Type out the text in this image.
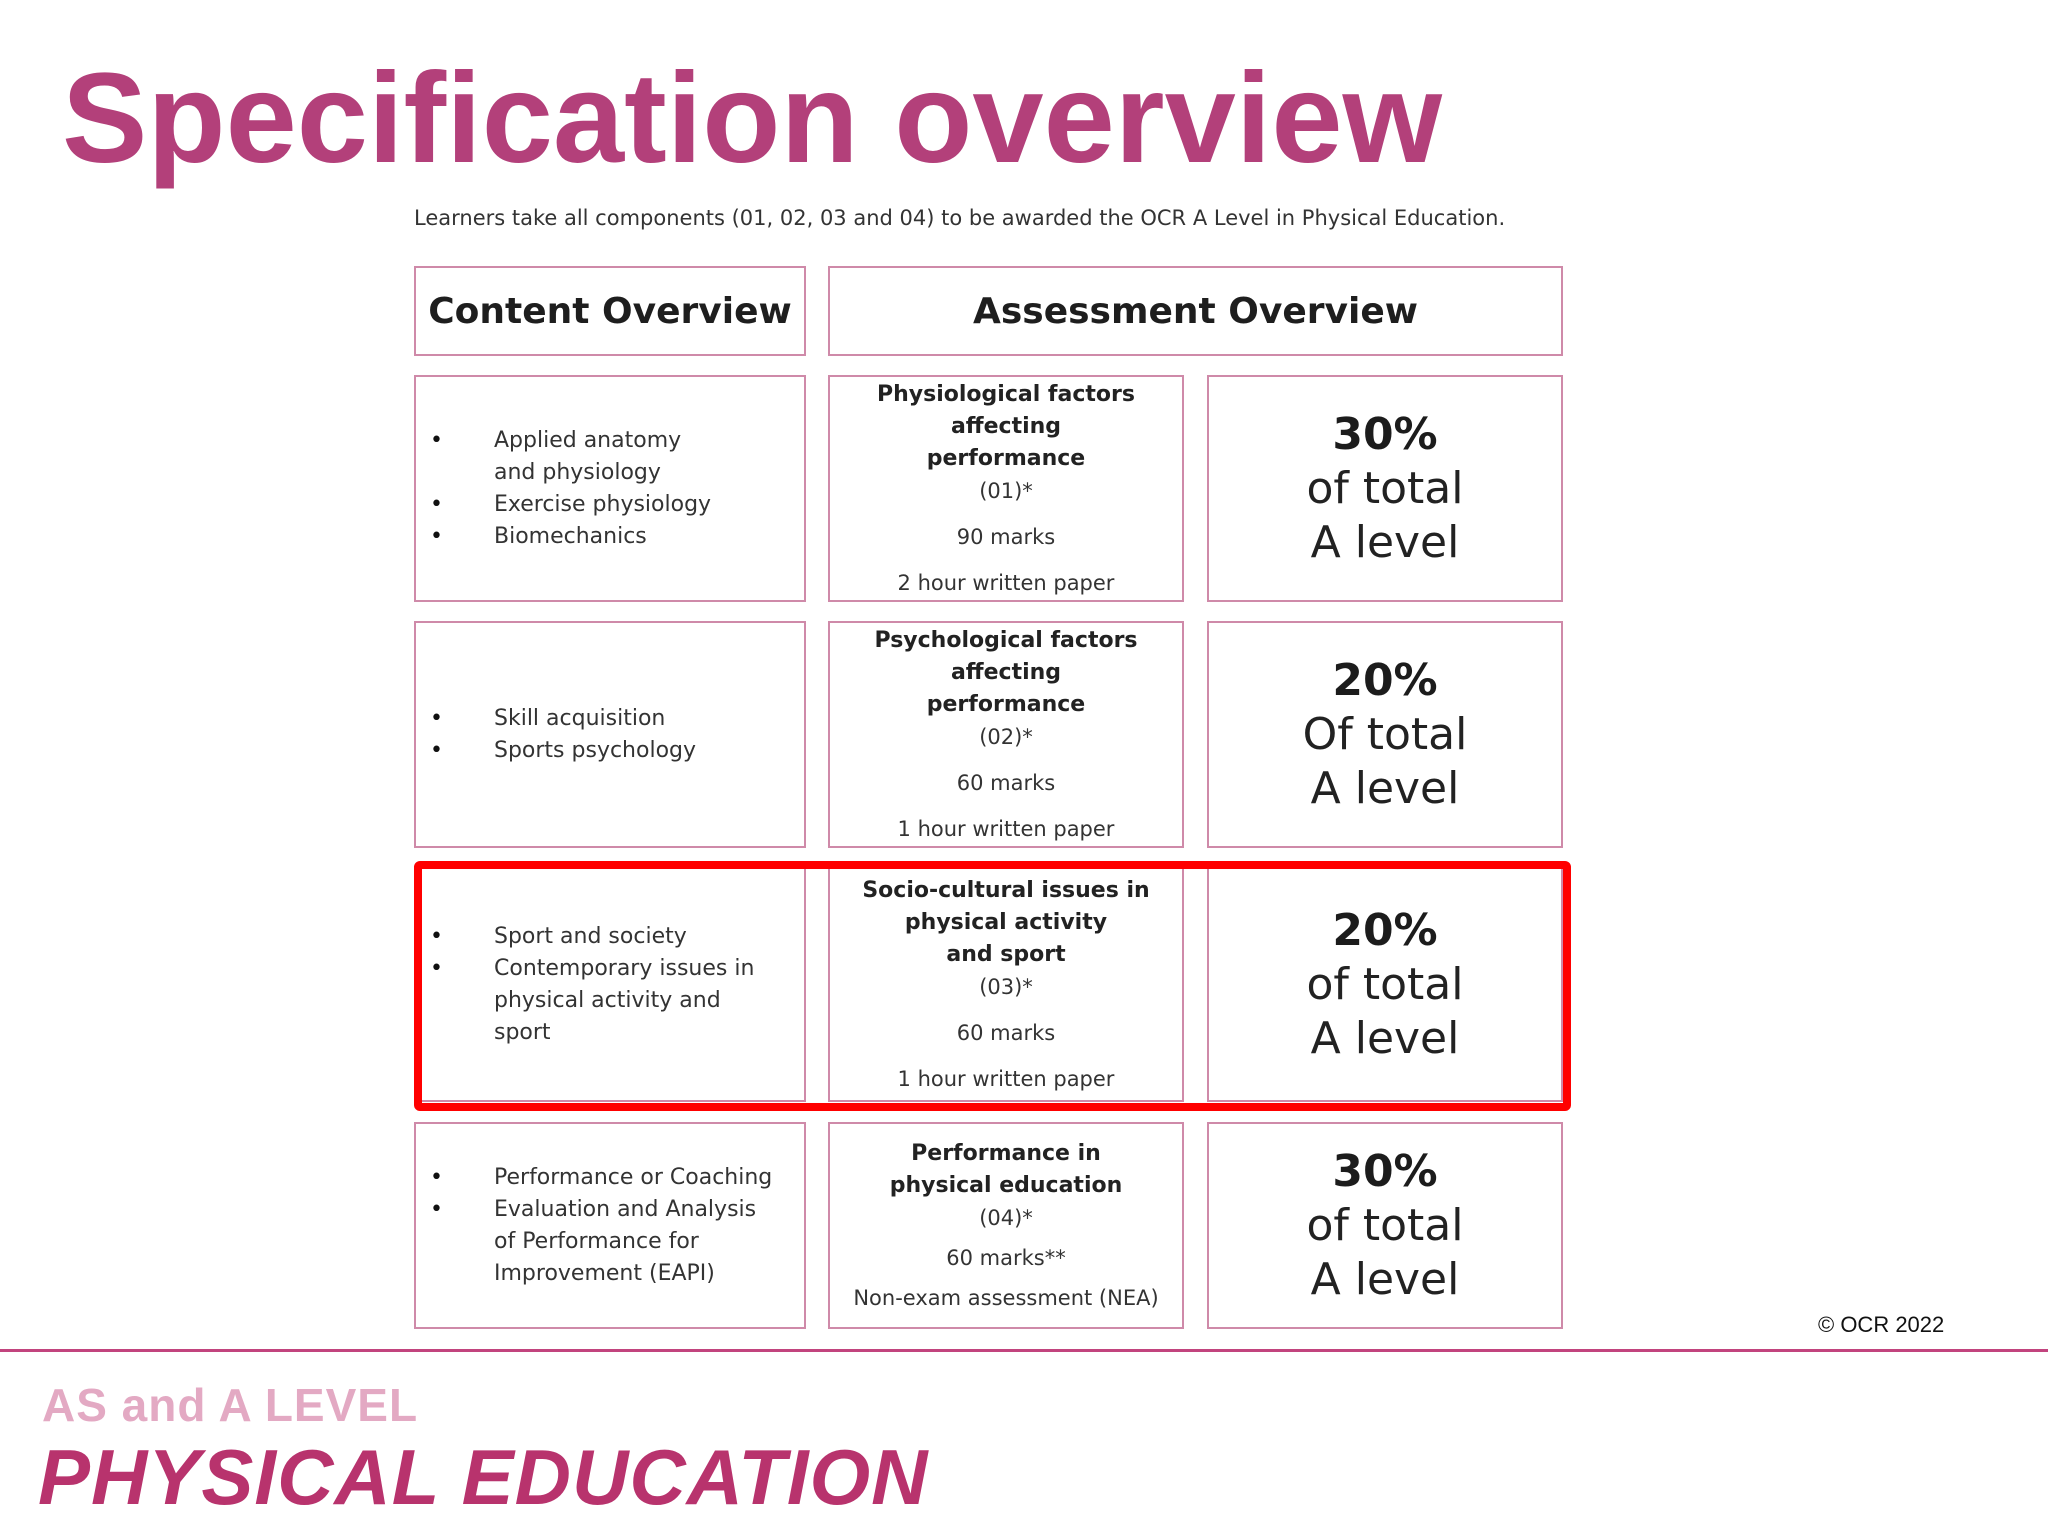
Specification overview
Learners take all components (01, 02, 03 and 04) to be awarded the OCR A Level in Physical Education.
Content Overview	Assessment Overview
• Applied anatomy and physiology
• Exercise physiology
• Biomechanics
Physiological factors affecting
performance
(01)*
90 marks
2 hour written paper
30%
of total
A level
• Skill acquisition
• Sports psychology
Psychological factors affecting
performance
(02)*
60 marks
1 hour written paper
20%
Of total
A level
• Sport and society
• Contemporary issues in physical activity and sport
Socio-cultural issues in
physical activity
and sport
(03)*
60 marks
1 hour written paper
20%
of total
A level
• Performance or Coaching
• Evaluation and Analysis of Performance for Improvement (EAPI)
Performance in
physical education
(04)*
60 marks**
Non-exam assessment (NEA)
30%
of total
A level
© OCR 2022
AS and A LEVEL
PHYSICAL EDUCATION
